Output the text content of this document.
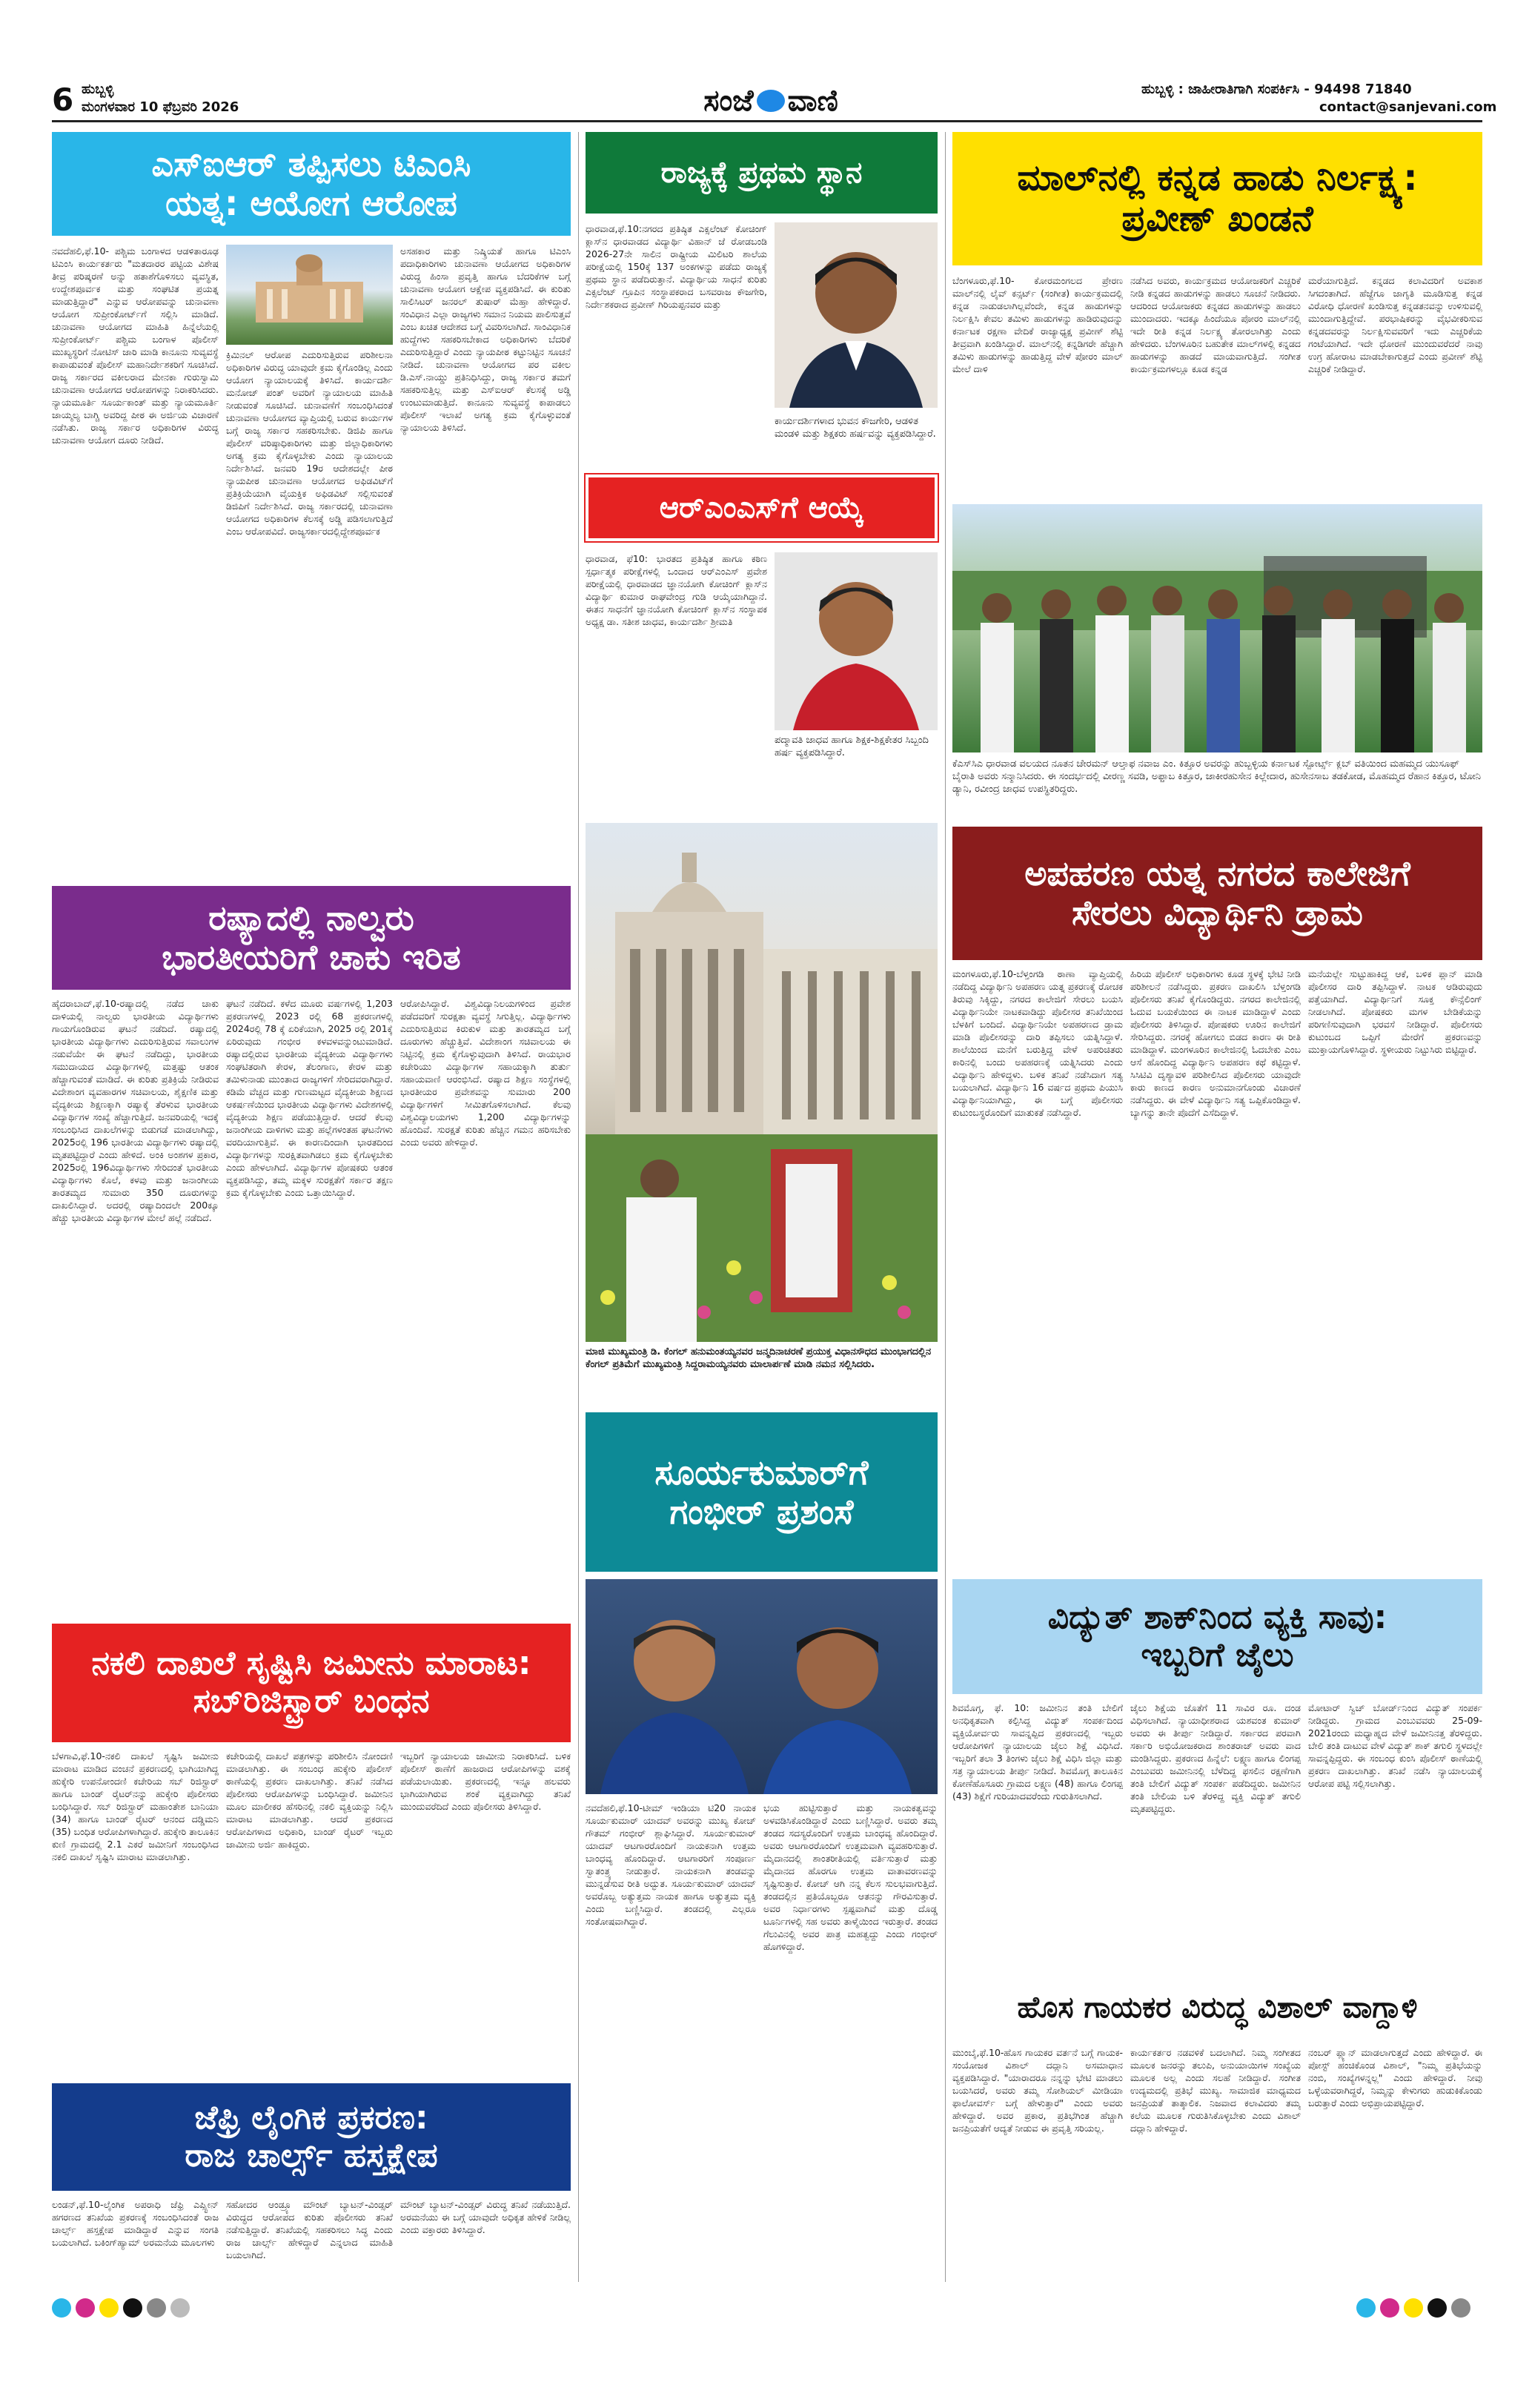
6 ಹುಬ್ಬಳ್ಳಿ
ಮಂಗಳವಾರ 10 ಫೆಬ್ರವರಿ 2026	ಸಂಜೆ ವಾಣಿ	ಹುಬ್ಬಳ್ಳಿ : ಜಾಹೀರಾತಿಗಾಗಿ ಸಂಪರ್ಕಿಸಿ - 94498 71840
contact@sanjevani.com
ಎಸ್‌ಐಆರ್ ತಪ್ಪಿಸಲು ಟಿಎಂಸಿ
ಯತ್ನ: ಆಯೋಗ ಆರೋಪ
ನವದೆಹಲಿ,ಫೆ.10- ಪಶ್ಚಿಮ ಬಂಗಾಳದ ಆಡಳಿತಾರೂಢ ಟಿಎಂಸಿ ಕಾರ್ಯಕರ್ತರು "ಮತದಾರರ ಪಟ್ಟಿಯ ವಿಶೇಷ ತೀವ್ರ ಪರಿಷ್ಕರಣೆ ಅನ್ನು ಹತಾಶೆಗೊಳಿಸಲು ವ್ಯವಸ್ಥಿತ, ಉದ್ದೇಶಪೂರ್ವಕ ಮತ್ತು ಸಂಘಟಿತ ಪ್ರಯತ್ನ ಮಾಡುತ್ತಿದ್ದಾರೆ" ಎನ್ನುವ ಆರೋಪವನ್ನು ಚುನಾವಣಾ ಆಯೋಗ ಸುಪ್ರೀಂಕೋರ್ಟ್‌ಗೆ ಸಲ್ಲಿಸಿ ಮಾಡಿದೆ. ಚುನಾವಣಾ ಆಯೋಗದ ಮಾಹಿತಿ ಹಿನ್ನೆಲೆಯಲ್ಲಿ ಸುಪ್ರೀಂಕೋರ್ಟ್ ಪಶ್ಚಿಮ ಬಂಗಾಳ ಪೊಲೀಸ್ ಮುಖ್ಯಸ್ಥರಿಗೆ ನೋಟಿಸ್ ಜಾರಿ ಮಾಡಿ ಕಾನೂನು ಸುವ್ಯವಸ್ಥೆ ಕಾಪಾಡುವಂತೆ ಪೊಲೀಸ್ ಮಹಾನಿರ್ದೇಶಕರಿಗೆ ಸೂಚಿಸಿದೆ. ರಾಜ್ಯ ಸರ್ಕಾರದ ವಕೀಲರಾದ ಮೇನಕಾ ಗುರುಸ್ವಾಮಿ ಚುನಾವಣಾ ಆಯೋಗದ ಆರೋಪಗಳನ್ನು ನಿರಾಕರಿಸಿದರು. ನ್ಯಾಯಮೂರ್ತಿ ಸೂರ್ಯಕಾಂತ್ ಮತ್ತು ನ್ಯಾಯಮೂರ್ತಿ ಜಾಯ್ಮಲ್ಯ ಬಾಗ್ಚಿ ಅವರಿದ್ದ ಪೀಠ ಈ ಅರ್ಜಿಯ ವಿಚಾರಣೆ ನಡೆಸಿತು. ರಾಜ್ಯ ಸರ್ಕಾರ ಅಧಿಕಾರಿಗಳ ವಿರುದ್ಧ ಚುನಾವಣಾ ಆಯೋಗ ದೂರು ನೀಡಿದೆ.
ಕ್ರಿಮಿನಲ್ ಆರೋಪ ಎದುರಿಸುತ್ತಿರುವ ಪರಿಶೀಲನಾ ಅಧಿಕಾರಿಗಳ ವಿರುದ್ಧ ಯಾವುದೇ ಕ್ರಮ ಕೈಗೊಂಡಿಲ್ಲ ಎಂದು ಆಯೋಗ ನ್ಯಾಯಾಲಯಕ್ಕೆ ತಿಳಿಸಿದೆ. ಕಾರ್ಯದರ್ಶಿ ಮನೋಜ್ ಪಂತ್ ಅವರಿಗೆ ನ್ಯಾಯಾಲಯ ಮಾಹಿತಿ ನೀಡುವಂತೆ ಸೂಚಿಸಿದೆ. ಚುನಾವಣೆಗೆ ಸಂಬಂಧಿಸಿದಂತೆ ಚುನಾವಣಾ ಆಯೋಗದ ವ್ಯಾಪ್ತಿಯಲ್ಲಿ ಬರುವ ಕಾರ್ಯಗಳ ಬಗ್ಗೆ ರಾಜ್ಯ ಸರ್ಕಾರ ಸಹಕರಿಸಬೇಕು. ಡಿಜಿಪಿ ಹಾಗೂ ಪೊಲೀಸ್ ವರಿಷ್ಠಾಧಿಕಾರಿಗಳು ಮತ್ತು ಜಿಲ್ಲಾಧಿಕಾರಿಗಳು ಅಗತ್ಯ ಕ್ರಮ ಕೈಗೊಳ್ಳಬೇಕು ಎಂದು ನ್ಯಾಯಾಲಯ ನಿರ್ದೇಶಿಸಿದೆ. ಜನವರಿ 19ರ ಆದೇಶದಲ್ಲೇ ಪೀಠ ನ್ಯಾಯಪೀಠ ಚುನಾವಣಾ ಆಯೋಗದ ಅಫಿಡವಿಟ್‌ಗೆ ಪ್ರತಿಕ್ರಿಯೆಯಾಗಿ ವೈಯಕ್ತಿಕ ಅಫಿಡವಿಟ್ ಸಲ್ಲಿಸುವಂತೆ ಡಿಜಿಪಿಗೆ ನಿರ್ದೇಶಿಸಿದೆ. ರಾಜ್ಯ ಸರ್ಕಾರದಲ್ಲಿ ಚುನಾವಣಾ ಆಯೋಗದ ಅಧಿಕಾರಿಗಳ ಕೆಲಸಕ್ಕೆ ಅಡ್ಡಿ ಪಡಿಸಲಾಗುತ್ತಿದೆ ಎಂಬ ಆರೋಪವಿದೆ. ರಾಜ್ಯಸರ್ಕಾರದಲ್ಲಿದ್ದೇಶಪೂರ್ವಕ
ಅಸಹಕಾರ ಮತ್ತು ನಿಷ್ಕ್ರಿಯತೆ ಹಾಗೂ ಟಿಎಂಸಿ ಪದಾಧಿಕಾರಿಗಳು ಚುನಾವಣಾ ಆಯೋಗದ ಅಧಿಕಾರಿಗಳ ವಿರುದ್ಧ ಹಿಂಸಾ ಪ್ರವೃತ್ತಿ ಹಾಗೂ ಬೆದರಿಕೆಗಳ ಬಗ್ಗೆ ಚುನಾವಣಾ ಆಯೋಗ ಆಕ್ಷೇಪ ವ್ಯಕ್ತಪಡಿಸಿದೆ. ಈ ಕುರಿತು ಸಾಲಿಸಿಟರ್ ಜನರಲ್ ತುಷಾರ್ ಮೆಹ್ತಾ ಹೇಳಿದ್ದಾರೆ. ಸಂವಿಧಾನ ಎಲ್ಲಾ ರಾಜ್ಯಗಳು ಸಮಾನ ನಿಯಮ ಪಾಲಿಸುತ್ತವೆ ಎಂಬ ಖಚಿತ ಆದೇಶದ ಬಗ್ಗೆ ವಿವರಿಸಲಾಗಿದೆ. ಸಾಂವಿಧಾನಿಕ ಹುದ್ದೆಗಳು ಸಹಕರಿಸಬೇಕಾದ ಅಧಿಕಾರಿಗಳು ಬೆದರಿಕೆ ಎದುರಿಸುತ್ತಿದ್ದಾರೆ ಎಂದು ನ್ಯಾಯಪೀಠ ಕಟ್ಟುನಿಟ್ಟಿನ ಸೂಚನೆ ನೀಡಿದೆ. ಚುನಾವಣಾ ಆಯೋಗದ ಪರ ವಕೀಲ ಡಿ.ಎಸ್.ನಾಯ್ಡು ಪ್ರತಿನಿಧಿಸಿದ್ದು, ರಾಜ್ಯ ಸರ್ಕಾರ ತಮಗೆ ಸಹಕರಿಸುತ್ತಿಲ್ಲ ಮತ್ತು ಎಸ್‌ಐಆರ್ ಕೆಲಸಕ್ಕೆ ಅಡ್ಡಿ ಉಂಟುಮಾಡುತ್ತಿದೆ. ಕಾನೂನು ಸುವ್ಯವಸ್ಥೆ ಕಾಪಾಡಲು ಪೊಲೀಸ್ ಇಲಾಖೆ ಅಗತ್ಯ ಕ್ರಮ ಕೈಗೊಳ್ಳುವಂತೆ ನ್ಯಾಯಾಲಯ ತಿಳಿಸಿದೆ.
ರಾಜ್ಯಕ್ಕೆ ಪ್ರಥಮ ಸ್ಥಾನ
ಧಾರವಾಡ,ಫೆ.10:ನಗರದ ಪ್ರತಿಷ್ಠಿತ ಎಕ್ಸಲೆಂಟ್ ಕೋಚಿಂಗ್ ಕ್ಲಾಸ್‌ನ ಧಾರವಾಡದ ವಿದ್ಯಾರ್ಥಿ ವಿಹಾನ್ ಜೆ ರೋಡಬಂಡಿ 2026-27ನೇ ಸಾಲಿನ ರಾಷ್ಟ್ರೀಯ ಮಿಲಿಟರಿ ಶಾಲೆಯ ಪರೀಕ್ಷೆಯಲ್ಲಿ 150ಕ್ಕೆ 137 ಅಂಕಗಳನ್ನು ಪಡೆದು ರಾಜ್ಯಕ್ಕೆ ಪ್ರಥಮ ಸ್ಥಾನ ಪಡೆದಿರುತ್ತಾನೆ. ವಿದ್ಯಾರ್ಥಿಯ ಸಾಧನೆ ಕುರಿತು ಎಕ್ಸಲೆಂಟ್ ಗ್ರೂಪಿನ ಸಂಸ್ಥಾಪಕರಾದ ಬಸವರಾಜ ಕೌಜಗೇರಿ, ನಿರ್ದೇಶಕರಾದ ಪ್ರವೀಣ್ ಗಿರಿಯಪ್ಪನವರ ಮತ್ತು
ಕಾರ್ಯದರ್ಶಿಗಳಾದ ಭುವನ ಕೌಜಗೇರಿ, ಆಡಳಿತ ಮಂಡಳಿ ಮತ್ತು ಶಿಕ್ಷಕರು ಹರ್ಷವನ್ನು ವ್ಯಕ್ತಪಡಿಸಿದ್ದಾರೆ.
ಆರ್‌ಎಂಎಸ್‌ಗೆ ಆಯ್ಕೆ
ಧಾರವಾಡ, ಫೆ10: ಭಾರತದ ಪ್ರತಿಷ್ಠಿತ ಹಾಗೂ ಕಠಿಣ ಸ್ಪರ್ಧಾತ್ಮಕ ಪರೀಕ್ಷೆಗಳಲ್ಲಿ ಒಂದಾದ ಆರ್‌ಎಂಎಸ್ ಪ್ರವೇಶ ಪರೀಕ್ಷೆಯಲ್ಲಿ ಧಾರವಾಡದ ಜ್ಞಾನಯೋಗಿ ಕೋಚಿಂಗ್ ಕ್ಲಾಸ್‌ನ ವಿದ್ಯಾರ್ಥಿ ಕುಮಾರ ರಾಘವೇಂದ್ರ ಗುಡಿ ಆಯ್ಕೆಯಾಗಿದ್ದಾನೆ. ಈತನ ಸಾಧನೆಗೆ ಜ್ಞಾನಯೋಗಿ ಕೋಚಿಂಗ್ ಕ್ಲಾಸ್‌ನ ಸಂಸ್ಥಾಪಕ ಅಧ್ಯಕ್ಷ ಡಾ. ಸತೀಶ ಜಾಧವ, ಕಾರ್ಯದರ್ಶಿ ಶ್ರೀಮತಿ
ಪದ್ಮಾವತಿ ಜಾಧವ ಹಾಗೂ ಶಿಕ್ಷಕ-ಶಿಕ್ಷಕೇತರ ಸಿಬ್ಬಂದಿ ಹರ್ಷ ವ್ಯಕ್ತಪಡಿಸಿದ್ದಾರೆ.
ಮಾಲ್‌ನಲ್ಲಿ ಕನ್ನಡ ಹಾಡು ನಿರ್ಲಕ್ಷ್ಯ:
ಪ್ರವೀಣ್ ಖಂಡನೆ
ಬೆಂಗಳೂರು,ಫೆ.10- ಕೋರಮಂಗಲದ ಪ್ರೇರಣ ಮಾಲ್‌ನಲ್ಲಿ ಲೈವ್ ಕನ್ಸರ್ಟ್ (ಸಂಗೀತ) ಕಾರ್ಯಕ್ರಮದಲ್ಲಿ ಕನ್ನಡ ನಾಡುಡಲಾಗಿಲ್ಲವೆಂದೇ, ಕನ್ನಡ ಹಾಡುಗಳನ್ನು ನಿರ್ಲಕ್ಷಿಸಿ ಕೇವಲ ತಮಿಳು ಹಾಡುಗಳನ್ನು ಹಾಡಿರುವುದನ್ನು ಕರ್ನಾಟಕ ರಕ್ಷಣಾ ವೇದಿಕೆ ರಾಜ್ಯಾಧ್ಯಕ್ಷ ಪ್ರವೀಣ್ ಶೆಟ್ಟಿ ತೀವ್ರವಾಗಿ ಖಂಡಿಸಿದ್ದಾರೆ. ಮಾಲ್‌ನಲ್ಲಿ ಕನ್ನಡಿಗರೇ ಹೆಚ್ಚಾಗಿ ತಮಿಳು ಹಾಡುಗಳನ್ನು ಹಾಡುತ್ತಿದ್ದ ವೇಳೆ ಪೋರಂ ಮಾಲ್ ಮೇಲೆ ದಾಳಿ
ನಡೆಸಿದ ಅವರು, ಕಾರ್ಯಕ್ರಮದ ಆಯೋಜಕರಿಗೆ ಎಚ್ಚರಿಕೆ ನೀಡಿ ಕನ್ನಡದ ಹಾಡುಗಳನ್ನು ಹಾಡಲು ಸೂಚನೆ ನೀಡಿದರು. ಆದರಿಂದ ಆಯೋಜಕರು ಕನ್ನಡದ ಹಾಡುಗಳನ್ನು ಹಾಡಲು ಮುಂದಾದರು. ಇದಕ್ಕೂ ಹಿಂದೆಯೂ ಪೋರಂ ಮಾಲ್‌ನಲ್ಲಿ ಇದೇ ರೀತಿ ಕನ್ನಡ ನಿರ್ಲಕ್ಷ್ಯ ತೋರಲಾಗಿತ್ತು ಎಂದು ಹೇಳಿದರು. ಬೆಂಗಳೂರಿನ ಬಹುತೇಕ ಮಾಲ್‌ಗಳಲ್ಲಿ ಕನ್ನಡದ ಹಾಡುಗಳನ್ನು ಹಾಡದೆ ಮಾಯವಾಗುತ್ತಿದೆ. ಸಂಗೀತ ಕಾರ್ಯಕ್ರಮಗಳಲ್ಲೂ ಕೂಡ ಕನ್ನಡ
ಮರೆಯಾಗುತ್ತಿದೆ. ಕನ್ನಡದ ಕಲಾವಿದರಿಗೆ ಅವಕಾಶ ಸಿಗದಂತಾಗಿದೆ. ಹೆಜ್ಜೆಗೂ ಜಾಗೃತಿ ಮೂಡಿಸುತ್ತ ಕನ್ನಡ ವಿರೋಧಿ ಧೋರಣೆ ಖಂಡಿಸುತ್ತ ಕನ್ನಡತನವನ್ನು ಉಳಿಸುವಲ್ಲಿ ಮುಂದಾಗುತ್ತಿದ್ದೇವೆ. ಪರಭಾಷಿಕರನ್ನು ವೈಭವೀಕರಿಸುವ ಕನ್ನಡದವರನ್ನು ನಿರ್ಲಕ್ಷಿಸುವವರಿಗೆ ಇದು ಎಚ್ಚರಿಕೆಯ ಗಂಟೆಯಾಗಿದೆ. ಇದೇ ಧೋರಣೆ ಮುಂದುವರೆದರೆ ನಾವು ಉಗ್ರ ಹೋರಾಟ ಮಾಡಬೇಕಾಗುತ್ತದೆ ಎಂದು ಪ್ರವೀಣ್ ಶೆಟ್ಟಿ ಎಚ್ಚರಿಕೆ ನೀಡಿದ್ದಾರೆ.
ಕೆಎಸ್‌ಸಿಎ ಧಾರವಾಡ ವಲಯದ ನೂತನ ಚೇರಮನ್ ಆಲ್ತಾಫ ನವಾಜ ಎಂ. ಕಿತ್ತೂರ ಅವರನ್ನು ಹುಬ್ಬಳ್ಳಿಯ ಕರ್ನಾಟಕ ಸ್ಪೋರ್ಟ್ಸ್ ಕ್ಲಬ್ ವತಿಯಿಂದ ಮಹಮ್ಮದ ಯುಸೂಫ್ ಬೈರಾತಿ ಅವರು ಸನ್ಮಾನಿಸಿದರು. ಈ ಸಂದರ್ಭದಲ್ಲಿ ವೀರಣ್ಣ ಸವಡಿ, ಅಫ್ತಾಬ ಕಿತ್ತೂರ, ಜಾಕೀರಹುಸೇನ ಕಿಲ್ಲೇದಾರ, ಹುಸೇನಸಾಬ ತಡಕೋಡ, ಮೊಹಮ್ಮದ ರೆಹಾನ ಕಿತ್ತೂರ, ಟೋನಿ ಡ್ಯಾನಿ, ರವೀಂದ್ರ ಜಾಧವ ಉಪಸ್ಥಿತರಿದ್ದರು.
ರಷ್ಯಾದಲ್ಲಿ ನಾಲ್ವರು
ಭಾರತೀಯರಿಗೆ ಚಾಕು ಇರಿತ
ಹೈದರಾಬಾದ್,ಫೆ.10-ರಷ್ಯಾದಲ್ಲಿ ನಡೆದ ಚಾಕು ದಾಳಿಯಲ್ಲಿ ನಾಲ್ವರು ಭಾರತೀಯ ವಿದ್ಯಾರ್ಥಿಗಳು ಗಾಯಗೊಂಡಿರುವ ಘಟನೆ ನಡೆದಿದೆ. ರಷ್ಯಾದಲ್ಲಿ ಭಾರತೀಯ ವಿದ್ಯಾರ್ಥಿಗಳು ಎದುರಿಸುತ್ತಿರುವ ಸವಾಲುಗಳ ನಡುವೆಯೇ ಈ ಘಟನೆ ನಡೆದಿದ್ದು, ಭಾರತೀಯ ಸಮುದಾಯದ ವಿದ್ಯಾರ್ಥಿಗಳಲ್ಲಿ ಮತ್ತಷ್ಟು ಆತಂಕ ಹೆಚ್ಚಾಗುವಂತೆ ಮಾಡಿದೆ. ಈ ಕುರಿತು ಪ್ರತಿಕ್ರಿಯೆ ನೀಡಿರುವ ವಿದೇಶಾಂಗ ವ್ಯವಹಾರಗಳ ಸಚಿವಾಲಯ, ಶೈಕ್ಷಣಿಕ ಮತ್ತು ವೈದ್ಯಕೀಯ ಶಿಕ್ಷಣಕ್ಕಾಗಿ ರಷ್ಯಾಕ್ಕೆ ತೆರಳುವ ಭಾರತೀಯ ವಿದ್ಯಾರ್ಥಿಗಳ ಸಂಖ್ಯೆ ಹೆಚ್ಚಾಗುತ್ತಿದೆ. ಜನವರಿಯಲ್ಲಿ ಇದಕ್ಕೆ ಸಂಬಂಧಿಸಿದ ದಾಖಲೆಗಳನ್ನು ಬಿಡುಗಡೆ ಮಾಡಲಾಗಿದ್ದು, 2025ರಲ್ಲಿ 196 ಭಾರತೀಯ ವಿದ್ಯಾರ್ಥಿಗಳು ರಷ್ಯಾದಲ್ಲಿ ಮೃತಪಟ್ಟಿದ್ದಾರೆ ಎಂದು ಹೇಳಿದೆ. ಅಂಕಿ ಅಂಶಗಳ ಪ್ರಕಾರ, 2025ರಲ್ಲಿ 196ವಿದ್ಯಾರ್ಥಿಗಳು ಸೇರಿದಂತೆ ಭಾರತೀಯ ವಿದ್ಯಾರ್ಥಿಗಳು ಕೊಲೆ, ಕಳವು ಮತ್ತು ಜನಾಂಗೀಯ ತಾರತಮ್ಯದ ಸುಮಾರು 350 ದೂರುಗಳನ್ನು ದಾಖಲಿಸಿದ್ದಾರೆ. ಅದರಲ್ಲಿ ರಷ್ಯಾದಿಂದಲೇ 200ಕ್ಕೂ ಹೆಚ್ಚು ಭಾರತೀಯ ವಿದ್ಯಾರ್ಥಿಗಳ ಮೇಲೆ ಹಲ್ಲೆ ನಡೆದಿದೆ.
ಘಟನೆ ನಡೆದಿದೆ. ಕಳೆದ ಮೂರು ವರ್ಷಗಳಲ್ಲಿ 1,203 ಪ್ರಕರಣಗಳಲ್ಲಿ 2023 ರಲ್ಲಿ 68 ಪ್ರಕರಣಗಳಲ್ಲಿ 2024ರಲ್ಲಿ 78 ಕ್ಕೆ ಏರಿಕೆಯಾಗಿ, 2025 ರಲ್ಲಿ 201ಕ್ಕೆ ಏರಿರುವುದು ಗಂಭೀರ ಕಳವಳವನ್ನುಂಟುಮಾಡಿದೆ. ರಷ್ಯಾದಲ್ಲಿರುವ ಭಾರತೀಯ ವೈದ್ಯಕೀಯ ವಿದ್ಯಾರ್ಥಿಗಳು ಸಂಘಟಿತರಾಗಿ ಕೇರಳ, ತೆಲಂಗಾಣ, ಕೇರಳ ಮತ್ತು ತಮಿಳುನಾಡು ಮುಂತಾದ ರಾಜ್ಯಗಳಿಗೆ ಸೇರಿದವರಾಗಿದ್ದಾರೆ. ಕಡಿಮೆ ವೆಚ್ಚದ ಮತ್ತು ಗುಣಮಟ್ಟದ ವೈದ್ಯಕೀಯ ಶಿಕ್ಷಣದ ಆಕರ್ಷಣೆಯಿಂದ ಭಾರತೀಯ ವಿದ್ಯಾರ್ಥಿಗಳು ವಿದೇಶಗಳಲ್ಲಿ ವೈದ್ಯಕೀಯ ಶಿಕ್ಷಣ ಪಡೆಯುತ್ತಿದ್ದಾರೆ. ಆದರೆ ಕೆಲವು ಜನಾಂಗೀಯ ದಾಳಿಗಳು ಮತ್ತು ಹಲ್ಲೆಗಳಂತಹ ಘಟನೆಗಳು ವರದಿಯಾಗುತ್ತಿವೆ. ಈ ಕಾರಣದಿಂದಾಗಿ ಭಾರತದಿಂದ ವಿದ್ಯಾರ್ಥಿಗಳನ್ನು ಸುರಕ್ಷಿತವಾಗಿಡಲು ಕ್ರಮ ಕೈಗೊಳ್ಳಬೇಕು ಎಂದು ಹೇಳಲಾಗಿದೆ. ವಿದ್ಯಾರ್ಥಿಗಳ ಪೋಷಕರು ಆತಂಕ ವ್ಯಕ್ತಪಡಿಸಿದ್ದು, ತಮ್ಮ ಮಕ್ಕಳ ಸುರಕ್ಷತೆಗೆ ಸರ್ಕಾರ ತಕ್ಷಣ ಕ್ರಮ ಕೈಗೊಳ್ಳಬೇಕು ಎಂದು ಒತ್ತಾಯಿಸಿದ್ದಾರೆ.
ಆರೋಪಿಸಿದ್ದಾರೆ. ವಿಶ್ವವಿದ್ಯಾನಿಲಯಗಳಿಂದ ಪ್ರವೇಶ ಪಡೆದವರಿಗೆ ಸುರಕ್ಷತಾ ವ್ಯವಸ್ಥೆ ಸಿಗುತ್ತಿಲ್ಲ. ವಿದ್ಯಾರ್ಥಿಗಳು ಎದುರಿಸುತ್ತಿರುವ ಕಿರುಕುಳ ಮತ್ತು ತಾರತಮ್ಯದ ಬಗ್ಗೆ ದೂರುಗಳು ಹೆಚ್ಚುತ್ತಿವೆ. ವಿದೇಶಾಂಗ ಸಚಿವಾಲಯ ಈ ನಿಟ್ಟಿನಲ್ಲಿ ಕ್ರಮ ಕೈಗೊಳ್ಳುವುದಾಗಿ ತಿಳಿಸಿದೆ. ರಾಯಭಾರ ಕಚೇರಿಯು ವಿದ್ಯಾರ್ಥಿಗಳ ಸಹಾಯಕ್ಕಾಗಿ ತುರ್ತು ಸಹಾಯವಾಣಿ ಆರಂಭಿಸಿದೆ. ರಷ್ಯಾದ ಶಿಕ್ಷಣ ಸಂಸ್ಥೆಗಳಲ್ಲಿ ಭಾರತೀಯರ ಪ್ರವೇಶವನ್ನು ಸುಮಾರು 200 ವಿದ್ಯಾರ್ಥಿಗಳಿಗೆ ಸೀಮಿತಗೊಳಿಸಲಾಗಿದೆ. ಕೆಲವು ವಿಶ್ವವಿದ್ಯಾಲಯಗಳು 1,200 ವಿದ್ಯಾರ್ಥಿಗಳನ್ನು ಹೊಂದಿವೆ. ಸುರಕ್ಷತೆ ಕುರಿತು ಹೆಚ್ಚಿನ ಗಮನ ಹರಿಸಬೇಕು ಎಂದು ಅವರು ಹೇಳಿದ್ದಾರೆ.
ಮಾಜಿ ಮುಖ್ಯಮಂತ್ರಿ ಡಿ. ಕೆಂಗಲ್ ಹನುಮಂತಯ್ಯನವರ ಜನ್ಮದಿನಾಚರಣೆ ಪ್ರಯುಕ್ತ ವಿಧಾನಸೌಧದ ಮುಂಭಾಗದಲ್ಲಿನ ಕೆಂಗಲ್ ಪ್ರತಿಮೆಗೆ ಮುಖ್ಯಮಂತ್ರಿ ಸಿದ್ದರಾಮಯ್ಯನವರು ಮಾಲಾರ್ಪಣೆ ಮಾಡಿ ನಮನ ಸಲ್ಲಿಸಿದರು.
ಅಪಹರಣ ಯತ್ನ ನಗರದ ಕಾಲೇಜಿಗೆ
ಸೇರಲು ವಿದ್ಯಾರ್ಥಿನಿ ಡ್ರಾಮ
ಮಂಗಳೂರು,ಫೆ.10-ಬೆಳ್ತಂಗಡಿ ಠಾಣಾ ವ್ಯಾಪ್ತಿಯಲ್ಲಿ ನಡೆದಿದ್ದ ವಿದ್ಯಾರ್ಥಿನಿ ಅಪಹರಣ ಯತ್ನ ಪ್ರಕರಣಕ್ಕೆ ರೋಚಕ ತಿರುವು ಸಿಕ್ಕಿದ್ದು, ನಗರದ ಕಾಲೇಜಿಗೆ ಸೇರಲು ಬಯಸಿ ವಿದ್ಯಾರ್ಥಿನಿಯೇ ನಾಟಕವಾಡಿದ್ದು ಪೊಲೀಸರ ತನಿಖೆಯಿಂದ ಬೆಳಕಿಗೆ ಬಂದಿದೆ. ವಿದ್ಯಾರ್ಥಿನಿಯೇ ಅಪಹರಣದ ಡ್ರಾಮ ಮಾಡಿ ಪೊಲೀಸರನ್ನು ದಾರಿ ತಪ್ಪಿಸಲು ಯತ್ನಿಸಿದ್ದಾಳೆ. ಶಾಲೆಯಿಂದ ಮನೆಗೆ ಬರುತ್ತಿದ್ದ ವೇಳೆ ಅಪರಿಚಿತರು ಕಾರಿನಲ್ಲಿ ಬಂದು ಅಪಹರಣಕ್ಕೆ ಯತ್ನಿಸಿದರು ಎಂದು ವಿದ್ಯಾರ್ಥಿನಿ ಹೇಳಿದ್ದಳು. ಬಳಿಕ ತನಿಖೆ ನಡೆಸಿದಾಗ ಸತ್ಯ ಬಯಲಾಗಿದೆ. ವಿದ್ಯಾರ್ಥಿನಿ 16 ವರ್ಷದ ಪ್ರಥಮ ಪಿಯುಸಿ ವಿದ್ಯಾರ್ಥಿನಿಯಾಗಿದ್ದು, ಈ ಬಗ್ಗೆ ಪೊಲೀಸರು ಕುಟುಂಬಸ್ಥರೊಂದಿಗೆ ಮಾತುಕತೆ ನಡೆಸಿದ್ದಾರೆ.
ಹಿರಿಯ ಪೊಲೀಸ್ ಅಧಿಕಾರಿಗಳು ಕೂಡ ಸ್ಥಳಕ್ಕೆ ಭೇಟಿ ನೀಡಿ ಪರಿಶೀಲನೆ ನಡೆಸಿದ್ದರು. ಪ್ರಕರಣ ದಾಖಲಿಸಿ ಬೆಳ್ತಂಗಡಿ ಪೊಲೀಸರು ತನಿಖೆ ಕೈಗೊಂಡಿದ್ದರು. ನಗರದ ಕಾಲೇಜಿನಲ್ಲಿ ಓದುವ ಬಯಕೆಯಿಂದ ಈ ನಾಟಕ ಮಾಡಿದ್ದಾಳೆ ಎಂದು ಪೊಲೀಸರು ತಿಳಿಸಿದ್ದಾರೆ. ಪೋಷಕರು ಊರಿನ ಕಾಲೇಜಿಗೆ ಸೇರಿಸಿದ್ದರು. ನಗರಕ್ಕೆ ಹೋಗಲು ಬಿಡದ ಕಾರಣ ಈ ರೀತಿ ಮಾಡಿದ್ದಾಳೆ. ಮಂಗಳೂರಿನ ಕಾಲೇಜಿನಲ್ಲಿ ಓದಬೇಕು ಎಂಬ ಆಸೆ ಹೊಂದಿದ್ದ ವಿದ್ಯಾರ್ಥಿನಿ ಅಪಹರಣ ಕಥೆ ಕಟ್ಟಿದ್ದಾಳೆ. ಸಿಸಿಟಿವಿ ದೃಶ್ಯಾವಳಿ ಪರಿಶೀಲಿಸಿದ ಪೊಲೀಸರು ಯಾವುದೇ ಕಾರು ಕಾಣದ ಕಾರಣ ಅನುಮಾನಗೊಂಡು ವಿಚಾರಣೆ ನಡೆಸಿದ್ದರು. ಈ ವೇಳೆ ವಿದ್ಯಾರ್ಥಿನಿ ಸತ್ಯ ಒಪ್ಪಿಕೊಂಡಿದ್ದಾಳೆ. ಬ್ಯಾಗನ್ನು ತಾನೇ ಪೊದೆಗೆ ಎಸೆದಿದ್ದಾಳೆ.
ಮನೆಯಲ್ಲೇ ಸುಟ್ಟುಹಾಕಿದ್ದ ಆಕೆ, ಬಳಿಕ ಪ್ಲಾನ್ ಮಾಡಿ ಪೊಲೀಸರ ದಾರಿ ತಪ್ಪಿಸಿದ್ದಾಳೆ. ನಾಟಕ ಆಡಿರುವುದು ಪತ್ತೆಯಾಗಿದೆ. ವಿದ್ಯಾರ್ಥಿನಿಗೆ ಸೂಕ್ತ ಕೌನ್ಸೆಲಿಂಗ್ ನೀಡಲಾಗಿದೆ. ಪೋಷಕರು ಮಗಳ ಬೇಡಿಕೆಯನ್ನು ಪರಿಗಣಿಸುವುದಾಗಿ ಭರವಸೆ ನೀಡಿದ್ದಾರೆ. ಪೊಲೀಸರು ಕುಟುಂಬದ ಒಪ್ಪಿಗೆ ಮೇರೆಗೆ ಪ್ರಕರಣವನ್ನು ಮುಕ್ತಾಯಗೊಳಿಸಿದ್ದಾರೆ. ಸ್ಥಳೀಯರು ನಿಟ್ಟುಸಿರು ಬಿಟ್ಟಿದ್ದಾರೆ.
ಸೂರ್ಯಕುಮಾರ್‌ಗೆ
ಗಂಭೀರ್ ಪ್ರಶಂಸೆ
ನವದೆಹಲಿ,ಫೆ.10-ಟೀಮ್ ಇಂಡಿಯಾ ಟಿ20 ನಾಯಕ ಸೂರ್ಯಕುಮಾರ್ ಯಾದವ್ ಅವರನ್ನು ಮುಖ್ಯ ಕೋಚ್ ಗೌತಮ್ ಗಂಭೀರ್ ಶ್ಲಾಘಿಸಿದ್ದಾರೆ. ಸೂರ್ಯಕುಮಾರ್ ಯಾದವ್ ಆಟಗಾರರೊಂದಿಗೆ ನಾಯಕನಾಗಿ ಉತ್ತಮ ಬಾಂಧವ್ಯ ಹೊಂದಿದ್ದಾರೆ. ಆಟಗಾರರಿಗೆ ಸಂಪೂರ್ಣ ಸ್ವಾತಂತ್ರ್ಯ ನೀಡುತ್ತಾರೆ. ನಾಯಕನಾಗಿ ತಂಡವನ್ನು ಮುನ್ನಡೆಸುವ ರೀತಿ ಅದ್ಭುತ. ಸೂರ್ಯಕುಮಾರ್ ಯಾದವ್ ಅವರೊಬ್ಬ ಅತ್ಯುತ್ತಮ ನಾಯಕ ಹಾಗೂ ಅತ್ಯುತ್ತಮ ವ್ಯಕ್ತಿ ಎಂದು ಬಣ್ಣಿಸಿದ್ದಾರೆ. ತಂಡದಲ್ಲಿ ಎಲ್ಲರೂ ಸಂತೋಷವಾಗಿದ್ದಾರೆ.
ಭಯ ಹುಟ್ಟಿಸುತ್ತಾರೆ ಮತ್ತು ನಾಯಕತ್ವವನ್ನು ಅಳವಡಿಸಿಕೊಂಡಿದ್ದಾರೆ ಎಂದು ಬಣ್ಣಿಸಿದ್ದಾರೆ. ಅವರು ತಮ್ಮ ತಂಡದ ಸದಸ್ಯರೊಂದಿಗೆ ಉತ್ತಮ ಬಾಂಧವ್ಯ ಹೊಂದಿದ್ದಾರೆ. ಅವರು ಆಟಗಾರರೊಂದಿಗೆ ಉತ್ತಮವಾಗಿ ವ್ಯವಹರಿಸುತ್ತಾರೆ. ಮೈದಾನದಲ್ಲಿ ಶಾಂತರೀತಿಯಲ್ಲಿ ವರ್ತಿಸುತ್ತಾರೆ ಮತ್ತು ಮೈದಾನದ ಹೊರಗೂ ಉತ್ತಮ ವಾತಾವರಣವನ್ನು ಸೃಷ್ಟಿಸುತ್ತಾರೆ. ಕೋಚ್ ಆಗಿ ನನ್ನ ಕೆಲಸ ಸುಲಭವಾಗುತ್ತಿದೆ. ತಂಡದಲ್ಲಿನ ಪ್ರತಿಯೊಬ್ಬರೂ ಆತನನ್ನು ಗೌರವಿಸುತ್ತಾರೆ. ಅವರ ನಿರ್ಧಾರಗಳು ಸ್ಪಷ್ಟವಾಗಿವೆ ಮತ್ತು ದೊಡ್ಡ ಟೂರ್ನಿಗಳಲ್ಲಿ ಸಹ ಅವರು ತಾಳ್ಮೆಯಿಂದ ಇರುತ್ತಾರೆ. ತಂಡದ ಗೆಲುವಿನಲ್ಲಿ ಅವರ ಪಾತ್ರ ಮಹತ್ವದ್ದು ಎಂದು ಗಂಭೀರ್ ಹೊಗಳಿದ್ದಾರೆ.
ವಿದ್ಯುತ್ ಶಾಕ್‌ನಿಂದ ವ್ಯಕ್ತಿ ಸಾವು:
ಇಬ್ಬರಿಗೆ ಜೈಲು
ಶಿವಮೊಗ್ಗ, ಫೆ. 10: ಜಮೀನಿನ ತಂತಿ ಬೇಲಿಗೆ ಅನಧಿಕೃತವಾಗಿ ಕಲ್ಪಿಸಿದ್ದ ವಿದ್ಯುತ್ ಸಂಪರ್ಕದಿಂದ ವ್ಯಕ್ತಿಯೋರ್ವರು ಸಾವನ್ನಪ್ಪಿದ ಪ್ರಕರಣದಲ್ಲಿ ಇಬ್ಬರು ಆರೋಪಿಗಳಿಗೆ ನ್ಯಾಯಾಲಯ ಜೈಲು ಶಿಕ್ಷೆ ವಿಧಿಸಿದೆ. ಇಬ್ಬರಿಗೆ ತಲಾ 3 ತಿಂಗಳು ಜೈಲು ಶಿಕ್ಷೆ ವಿಧಿಸಿ ಜಿಲ್ಲಾ ಮತ್ತು ಸತ್ರ ನ್ಯಾಯಾಲಯ ತೀರ್ಪು ನೀಡಿದೆ. ಶಿವಮೊಗ್ಗ ತಾಲೂಕಿನ ಕೋಣೆಹೊಸೂರು ಗ್ರಾಮದ ಲಕ್ಷ್ಮಣ (48) ಹಾಗೂ ಲಿಂಗಪ್ಪ (43) ಶಿಕ್ಷೆಗೆ ಗುರಿಯಾದವರೆಂದು ಗುರುತಿಸಲಾಗಿದೆ.
ಜೈಲು ಶಿಕ್ಷೆಯ ಜೊತೆಗೆ 11 ಸಾವಿರ ರೂ. ದಂಡ ವಿಧಿಸಲಾಗಿದೆ. ನ್ಯಾಯಾಧೀಶರಾದ ಯಶವಂತ ಕುಮಾರ್ ಅವರು ಈ ತೀರ್ಪು ನೀಡಿದ್ದಾರೆ. ಸರ್ಕಾರದ ಪರವಾಗಿ ಸರ್ಕಾರಿ ಅಭಿಯೋಜಕರಾದ ಶಾಂತರಾಜ್ ಅವರು ವಾದ ಮಂಡಿಸಿದ್ದರು. ಪ್ರಕರಣದ ಹಿನ್ನೆಲೆ: ಲಕ್ಷ್ಮಣ ಹಾಗೂ ಲಿಂಗಪ್ಪ ಎಂಬುವರು ಜಮೀನಿನಲ್ಲಿ ಬೆಳೆದಿದ್ದ ಫಸಲಿನ ರಕ್ಷಣೆಗಾಗಿ ತಂತಿ ಬೇಲಿಗೆ ವಿದ್ಯುತ್ ಸಂಪರ್ಕ ಪಡೆದಿದ್ದರು. ಜಮೀನಿನ ತಂತಿ ಬೇಲಿಯ ಬಳಿ ತೆರಳಿದ್ದ ವ್ಯಕ್ತಿ ವಿದ್ಯುತ್ ತಗುಲಿ ಮೃತಪಟ್ಟಿದ್ದರು.
ಮೋಟಾರ್ ಸ್ವಿಚ್ ಬೋರ್ಡ್‌ನಿಂದ ವಿದ್ಯುತ್ ಸಂಪರ್ಕ ನೀಡಿದ್ದರು. ಗ್ರಾಮದ ಎಂಬುವವರು 25-09-2021ರಂದು ಮಧ್ಯಾಹ್ನದ ವೇಳೆ ಜಮೀನಿನತ್ತ ತೆರಳಿದ್ದರು. ಬೇಲಿ ತಂತಿ ದಾಟುವ ವೇಳೆ ವಿದ್ಯುತ್ ಶಾಕ್ ತಗುಲಿ ಸ್ಥಳದಲ್ಲೇ ಸಾವನ್ನಪ್ಪಿದ್ದರು. ಈ ಸಂಬಂಧ ಕುಂಸಿ ಪೊಲೀಸ್ ಠಾಣೆಯಲ್ಲಿ ಪ್ರಕರಣ ದಾಖಲಾಗಿತ್ತು. ತನಿಖೆ ನಡೆಸಿ ನ್ಯಾಯಾಲಯಕ್ಕೆ ಆರೋಪ ಪಟ್ಟಿ ಸಲ್ಲಿಸಲಾಗಿತ್ತು.
ನಕಲಿ ದಾಖಲೆ ಸೃಷ್ಟಿಸಿ ಜಮೀನು ಮಾರಾಟ:
ಸಬ್‌ರಿಜಿಸ್ಟ್ರಾರ್ ಬಂಧನ
ಬೆಳಗಾವಿ,ಫೆ.10-ನಕಲಿ ದಾಖಲೆ ಸೃಷ್ಟಿಸಿ ಜಮೀನು ಮಾರಾಟ ಮಾಡಿದ ವಂಚನೆ ಪ್ರಕರಣದಲ್ಲಿ ಭಾಗಿಯಾಗಿದ್ದ ಹುಕ್ಕೇರಿ ಉಪನೋಂದಣಿ ಕಚೇರಿಯ ಸಬ್ ರಿಜಿಸ್ಟ್ರಾರ್ ಹಾಗೂ ಬಾಂಡ್ ರೈಟರ್‌ನನ್ನು ಹುಕ್ಕೇರಿ ಪೊಲೀಸರು ಬಂಧಿಸಿದ್ದಾರೆ. ಸಬ್ ರಿಜಿಸ್ಟ್ರಾರ್ ಮಹಾಂತೇಶ ಬಾನಿಯಾ (34) ಹಾಗೂ ಬಾಂಡ್ ರೈಟರ್ ಆನಂದ ದಡ್ಡಿಮನಿ (35) ಬಂಧಿತ ಆರೋಪಿಗಳಾಗಿದ್ದಾರೆ. ಹುಕ್ಕೇರಿ ತಾಲೂಕಿನ ಕುಣಿ ಗ್ರಾಮದಲ್ಲಿ 2.1 ಎಕರೆ ಜಮೀನಿಗೆ ಸಂಬಂಧಿಸಿದ ನಕಲಿ ದಾಖಲೆ ಸೃಷ್ಟಿಸಿ ಮಾರಾಟ ಮಾಡಲಾಗಿತ್ತು.
ಕಚೇರಿಯಲ್ಲಿ ದಾಖಲೆ ಪತ್ರಗಳನ್ನು ಪರಿಶೀಲಿಸಿ ನೋಂದಣಿ ಮಾಡಲಾಗಿತ್ತು. ಈ ಸಂಬಂಧ ಹುಕ್ಕೇರಿ ಪೊಲೀಸ್ ಠಾಣೆಯಲ್ಲಿ ಪ್ರಕರಣ ದಾಖಲಾಗಿತ್ತು. ತನಿಖೆ ನಡೆಸಿದ ಪೊಲೀಸರು ಆರೋಪಿಗಳನ್ನು ಬಂಧಿಸಿದ್ದಾರೆ. ಜಮೀನಿನ ಮೂಲ ಮಾಲೀಕರ ಹೆಸರಿನಲ್ಲಿ ನಕಲಿ ವ್ಯಕ್ತಿಯನ್ನು ನಿಲ್ಲಿಸಿ ಮಾರಾಟ ಮಾಡಲಾಗಿತ್ತು. ಆದರೆ ಪ್ರಕರಣದ ಆರೋಪಿಗಳಾದ ಅಧಿಕಾರಿ, ಬಾಂಡ್ ರೈಟರ್ ಇಬ್ಬರು ಜಾಮೀನು ಅರ್ಜಿ ಹಾಕಿದ್ದರು.
ಇಬ್ಬರಿಗೆ ನ್ಯಾಯಾಲಯ ಜಾಮೀನು ನಿರಾಕರಿಸಿದೆ. ಬಳಿಕ ಪೊಲೀಸ್ ಠಾಣೆಗೆ ಹಾಜರಾದ ಆರೋಪಿಗಳನ್ನು ವಶಕ್ಕೆ ಪಡೆಯಲಾಯಿತು. ಪ್ರಕರಣದಲ್ಲಿ ಇನ್ನೂ ಹಲವರು ಭಾಗಿಯಾಗಿರುವ ಶಂಕೆ ವ್ಯಕ್ತವಾಗಿದ್ದು ತನಿಖೆ ಮುಂದುವರೆದಿದೆ ಎಂದು ಪೊಲೀಸರು ತಿಳಿಸಿದ್ದಾರೆ.
ಜೆಫ್ರಿ ಲೈಂಗಿಕ ಪ್ರಕರಣ:
ರಾಜ ಚಾರ್ಲ್ಸ್ ಹಸ್ತಕ್ಷೇಪ
ಲಂಡನ್,ಫೆ.10-ಲೈಂಗಿಕ ಅಪರಾಧಿ ಜೆಫ್ರಿ ಎಪ್ಸ್ಟೀನ್ ಹಗರಣದ ತನಿಖೆಯ ಪ್ರಕರಣಕ್ಕೆ ಸಂಬಂಧಿಸಿದಂತೆ ರಾಜ ಚಾರ್ಲ್ಸ್ ಹಸ್ತಕ್ಷೇಪ ಮಾಡಿದ್ದಾರೆ ಎನ್ನುವ ಸಂಗತಿ ಬಯಲಾಗಿದೆ. ಬಕಿಂಗ್‌ಹ್ಯಾಮ್ ಅರಮನೆಯ ಮೂಲಗಳು
ಸಹೋದರ ಆಂಡ್ರ್ಯೂ ಮೌಂಟ್ ಬ್ಯಾಟನ್-ವಿಂಡ್ಸರ್ ವಿರುದ್ಧದ ಆರೋಪದ ಕುರಿತು ಪೊಲೀಸರು ತನಿಖೆ ನಡೆಸುತ್ತಿದ್ದಾರೆ. ತನಿಖೆಯಲ್ಲಿ ಸಹಕರಿಸಲು ಸಿದ್ಧ ಎಂದು ರಾಜ ಚಾರ್ಲ್ಸ್ ಹೇಳಿದ್ದಾರೆ ಎನ್ನಲಾದ ಮಾಹಿತಿ ಬಯಲಾಗಿದೆ.
ಮೌಂಟ್ ಬ್ಯಾಟನ್-ವಿಂಡ್ಸರ್ ವಿರುದ್ಧ ತನಿಖೆ ನಡೆಯುತ್ತಿದೆ. ಅರಮನೆಯು ಈ ಬಗ್ಗೆ ಯಾವುದೇ ಅಧಿಕೃತ ಹೇಳಿಕೆ ನೀಡಿಲ್ಲ ಎಂದು ವಕ್ತಾರರು ತಿಳಿಸಿದ್ದಾರೆ.
ಹೊಸ ಗಾಯಕರ ವಿರುದ್ಧ ವಿಶಾಲ್ ವಾಗ್ದಾಳಿ
ಮುಂಬೈ,ಫೆ.10-ಹೊಸ ಗಾಯಕರ ವರ್ತನೆ ಬಗ್ಗೆ ಗಾಯಕ-ಸಂಯೋಜಕ ವಿಶಾಲ್ ದದ್ಲಾನಿ ಅಸಮಾಧಾನ ವ್ಯಕ್ತಪಡಿಸಿದ್ದಾರೆ. "ಯಾರಾದರೂ ನನ್ನನ್ನು ಭೇಟಿ ಮಾಡಲು ಬಯಸಿದರೆ, ಅವರು ತಮ್ಮ ಸೋಶಿಯಲ್ ಮೀಡಿಯಾ ಫಾಲೋವರ್ಸ್ ಬಗ್ಗೆ ಹೇಳುತ್ತಾರೆ" ಎಂದು ಅವರು ಹೇಳಿದ್ದಾರೆ. ಅವರ ಪ್ರಕಾರ, ಪ್ರತಿಭೆಗಿಂತ ಹೆಚ್ಚಾಗಿ ಜನಪ್ರಿಯತೆಗೆ ಆದ್ಯತೆ ನೀಡುವ ಈ ಪ್ರವೃತ್ತಿ ಸರಿಯಲ್ಲ.
ಕಾರ್ಯಕರ್ತರ ನಡವಳಿಕೆ ಬದಲಾಗಿದೆ. ನಿಮ್ಮ ಸಂಗೀತದ ಮೂಲಕ ಜನರನ್ನು ತಲುಪಿ, ಅನುಯಾಯಿಗಳ ಸಂಖ್ಯೆಯ ಮೂಲಕ ಅಲ್ಲ ಎಂದು ಸಲಹೆ ನೀಡಿದ್ದಾರೆ. ಸಂಗೀತ ಉದ್ಯಮದಲ್ಲಿ ಪ್ರತಿಭೆ ಮುಖ್ಯ. ಸಾಮಾಜಿಕ ಮಾಧ್ಯಮದ ಜನಪ್ರಿಯತೆ ತಾತ್ಕಾಲಿಕ. ನಿಜವಾದ ಕಲಾವಿದರು ತಮ್ಮ ಕಲೆಯ ಮೂಲಕ ಗುರುತಿಸಿಕೊಳ್ಳಬೇಕು ಎಂದು ವಿಶಾಲ್ ದದ್ಲಾನಿ ಹೇಳಿದ್ದಾರೆ.
ನಂಬರ್ ಪ್ಲ್ಯಾನ್ ಮಾಡಲಾಗುತ್ತದೆ ಎಂದು ಹೇಳಿದ್ದಾರೆ. ಈ ಪೋಸ್ಟ್ ಹಂಚಿಕೊಂಡ ವಿಶಾಲ್, "ನಿಮ್ಮ ಪ್ರತಿಭೆಯನ್ನು ನಂಬಿ, ಸಂಖ್ಯೆಗಳನ್ನಲ್ಲ" ಎಂದು ಹೇಳಿದ್ದಾರೆ. ನೀವು ಒಳ್ಳೆಯವರಾಗಿದ್ದರೆ, ನಿಮ್ಮನ್ನು ಕೇಳುಗರು ಹುಡುಕಿಕೊಂಡು ಬರುತ್ತಾರೆ ಎಂದು ಅಭಿಪ್ರಾಯಪಟ್ಟಿದ್ದಾರೆ.
